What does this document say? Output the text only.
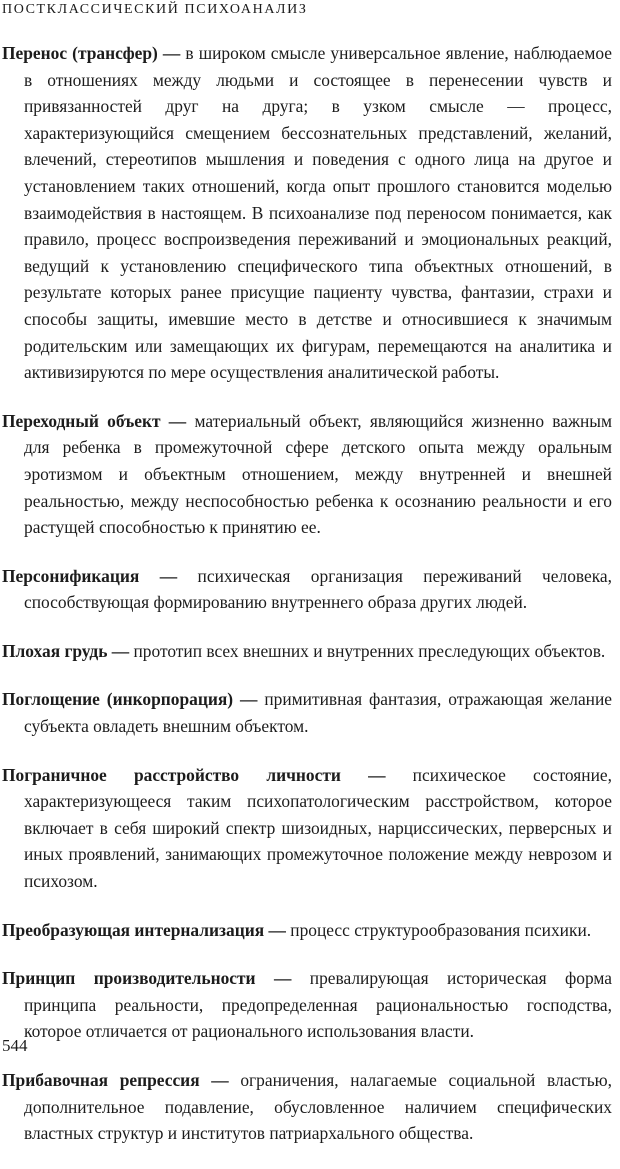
ПОСТКЛАССИЧЕСКИЙ ПСИХОАНАЛИЗ

Перенос (трансфер) — в широком смысле универсальное явление, наблюдаемое в отношениях между людьми и состоящее в перенесении чувств и привязанностей друг на друга; в узком смысле — процесс, характеризующийся смещением бессознательных представлений, желаний, влечений, стереотипов мышления и поведения с одного лица на другое и установлением таких отношений, когда опыт прошлого становится моделью взаимодействия в настоящем. В психоанализе под переносом понимается, как правило, процесс воспроизведения переживаний и эмоциональных реакций, ведущий к установлению специфического типа объектных отношений, в результате которых ранее присущие пациенту чувства, фантазии, страхи и способы защиты, имевшие место в детстве и относившиеся к значимым родительским или замещающих их фигурам, перемещаются на аналитика и активизируются по мере осуществления аналитической работы.

Переходный объект — материальный объект, являющийся жизненно важным для ребенка в промежуточной сфере детского опыта между оральным эротизмом и объектным отношением, между внутренней и внешней реальностью, между неспособностью ребенка к осознанию реальности и его растущей способностью к принятию ее.

Персонификация — психическая организация переживаний человека, способствующая формированию внутреннего образа других людей.

Плохая грудь — прототип всех внешних и внутренних преследующих объектов.

Поглощение (инкорпорация) — примитивная фантазия, отражающая желание субъекта овладеть внешним объектом.

Пограничное расстройство личности — психическое состояние, характеризующееся таким психопатологическим расстройством, которое включает в себя широкий спектр шизоидных, нарциссических, перверсных и иных проявлений, занимающих промежуточное положение между неврозом и психозом.

Преобразующая интернализация — процесс структурообразования психики.

Принцип производительности — превалирующая историческая форма принципа реальности, предопределенная рациональностью господства, которое отличается от рационального использования власти.

Прибавочная репрессия — ограничения, налагаемые социальной властью, дополнительное подавление, обусловленное наличием специфических властных структур и институтов патриархального общества.

544
